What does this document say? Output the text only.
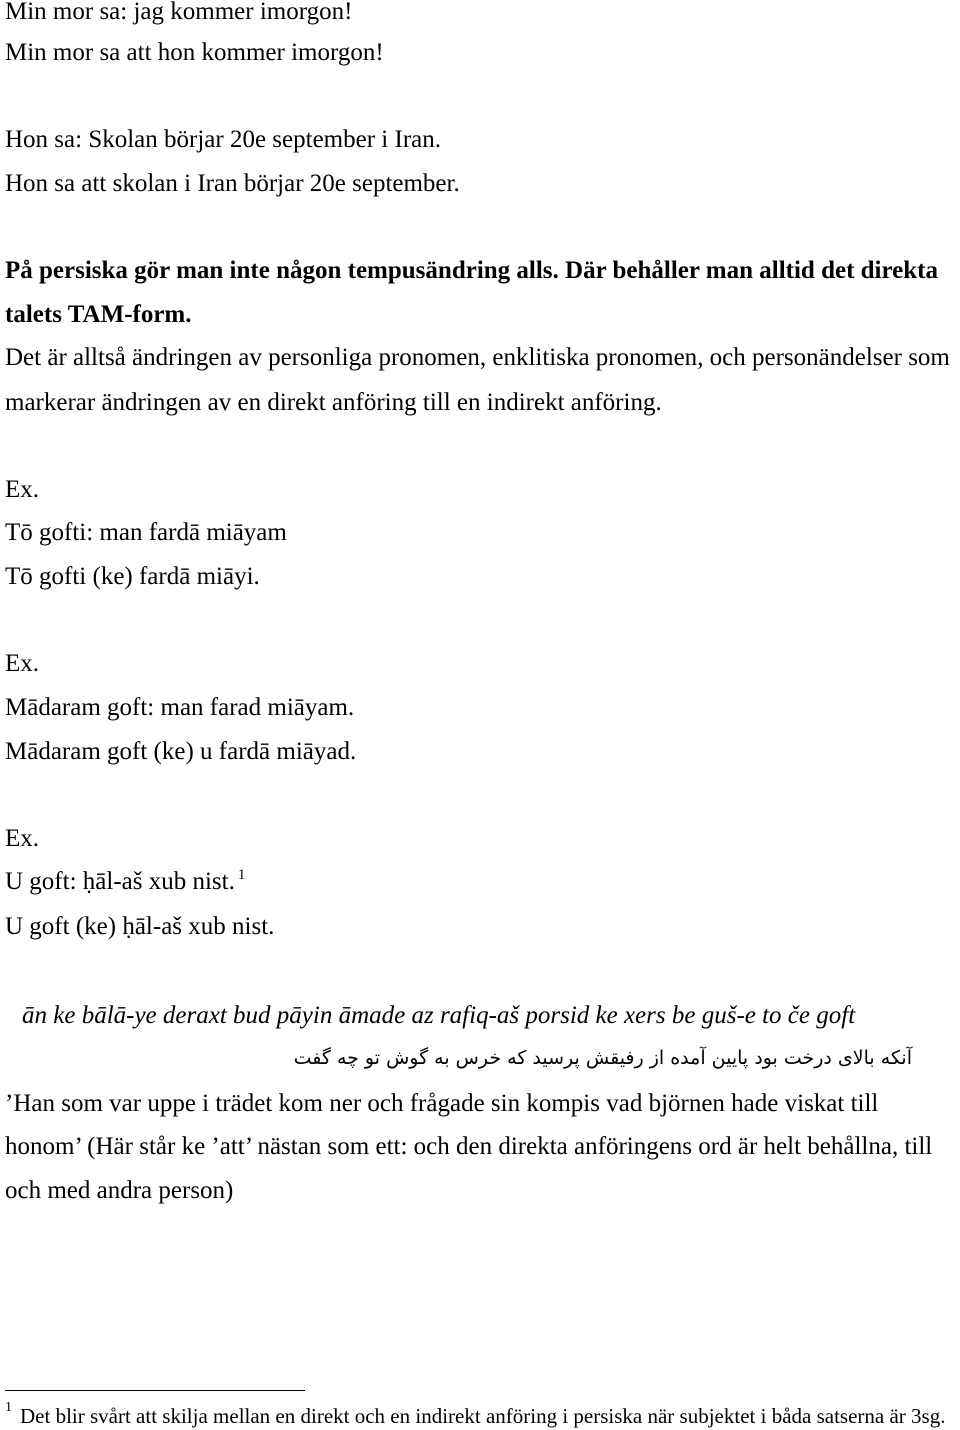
Min mor sa: jag kommer imorgon!
Min mor sa att hon kommer imorgon!
Hon sa: Skolan börjar 20e september i Iran.
Hon sa att skolan i Iran börjar 20e september.
På persiska gör man inte någon tempusändring alls. Där behåller man alltid det direkta
talets TAM-form.
Det är alltså ändringen av personliga pronomen, enklitiska pronomen, och personändelser som
markerar ändringen av en direkt anföring till en indirekt anföring.
Ex.
Tō gofti: man fardā miāyam
Tō gofti (ke) fardā miāyi.
Ex.
Mādaram goft: man farad miāyam.
Mādaram goft (ke) u fardā miāyad.
Ex.
U goft: ḥāl-aš xub nist. $^1$
U goft (ke) ḥāl-aš xub nist.
ān ke bālā-ye deraxt bud pāyin āmade az rafiq-aš porsid ke xers be guš-e to če goft
آنکه بالای درخت بود پایین آمده از رفیقش پرسید که خرس به گوش تو چه گفت
’Han som var uppe i trädet kom ner och frågade sin kompis vad björnen hade viskat till
honom’ (Här står ke ’att’ nästan som ett: och den direkta anföringens ord är helt behållna, till
och med andra person)
1 Det blir svårt att skilja mellan en direkt och en indirekt anföring i persiska när subjektet i båda satserna är 3sg.
